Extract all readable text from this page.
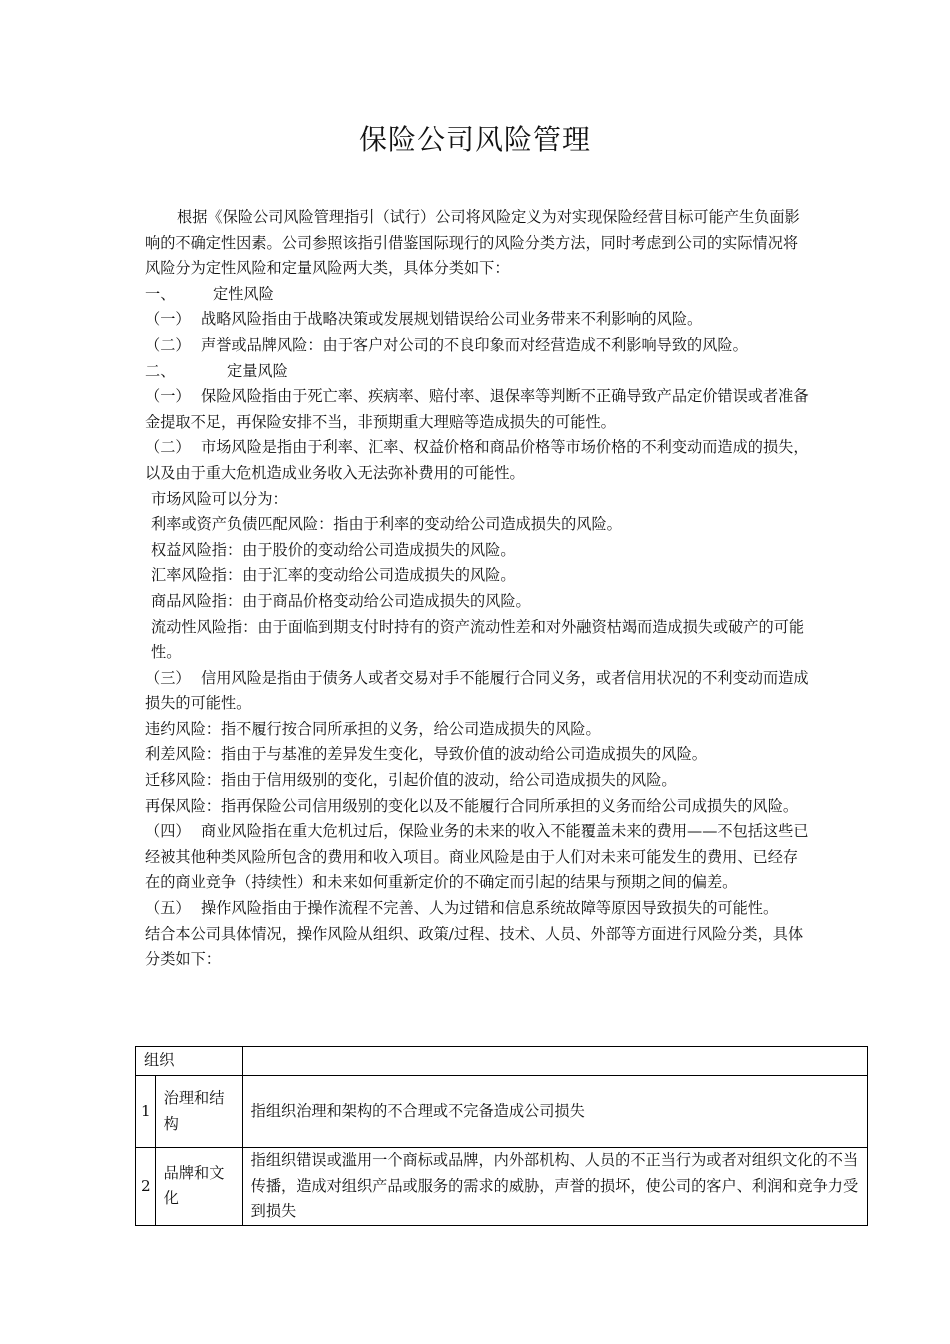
保险公司风险管理

根据《保险公司风险管理指引（试行）公司将风险定义为对实现保险经营目标可能产生负面影响的不确定性因素。公司参照该指引借鉴国际现行的风险分类方法，同时考虑到公司的实际情况将风险分为定性风险和定量风险两大类，具体分类如下：

一、 定性风险

（一） 战略风险指由于战略决策或发展规划错误给公司业务带来不利影响的风险。

（二） 声誉或品牌风险：由于客户对公司的不良印象而对经营造成不利影响导致的风险。

二、	定量风险

（一） 保险风险指由于死亡率、疾病率、赔付率、退保率等判断不正确导致产品定价错误或者准备金提取不足，再保险安排不当，非预期重大理赔等造成损失的可能性。

（二） 市场风险是指由于利率、汇率、权益价格和商品价格等市场价格的不利变动而造成的损失，以及由于重大危机造成业务收入无法弥补费用的可能性。

市场风险可以分为：

利率或资产负债匹配风险：指由于利率的变动给公司造成损失的风险。

权益风险指：由于股价的变动给公司造成损失的风险。

汇率风险指：由于汇率的变动给公司造成损失的风险。

商品风险指：由于商品价格变动给公司造成损失的风险。

流动性风险指：由于面临到期支付时持有的资产流动性差和对外融资枯竭而造成损失或破产的可能性。

（三） 信用风险是指由于债务人或者交易对手不能履行合同义务，或者信用状况的不利变动而造成损失的可能性。

违约风险：指不履行按合同所承担的义务，给公司造成损失的风险。

利差风险：指由于与基准的差异发生变化，导致价值的波动给公司造成损失的风险。

迁移风险：指由于信用级别的变化，引起价值的波动，给公司造成损失的风险。

再保风险：指再保险公司信用级别的变化以及不能履行合同所承担的义务而给公司成损失的风险。

（四） 商业风险指在重大危机过后，保险业务的未来的收入不能覆盖未来的费用——不包括这些已经被其他种类风险所包含的费用和收入项目。商业风险是由于人们对未来可能发生的费用、已经存在的商业竞争（持续性）和未来如何重新定价的不确定而引起的结果与预期之间的偏差。

（五） 操作风险指由于操作流程不完善、人为过错和信息系统故障等原因导致损失的可能性。

结合本公司具体情况，操作风险从组织、政策/过程、技术、人员、外部等方面进行风险分类，具体分类如下：

组织		
1	治理和结构	指组织治理和架构的不合理或不完备造成公司损失
2	品牌和文化	指组织错误或滥用一个商标或品牌，内外部机构、人员的不正当行为或者对组织文化的不当传播，造成对组织产品或服务的需求的威胁，声誉的损坏，使公司的客户、利润和竞争力受到损失
